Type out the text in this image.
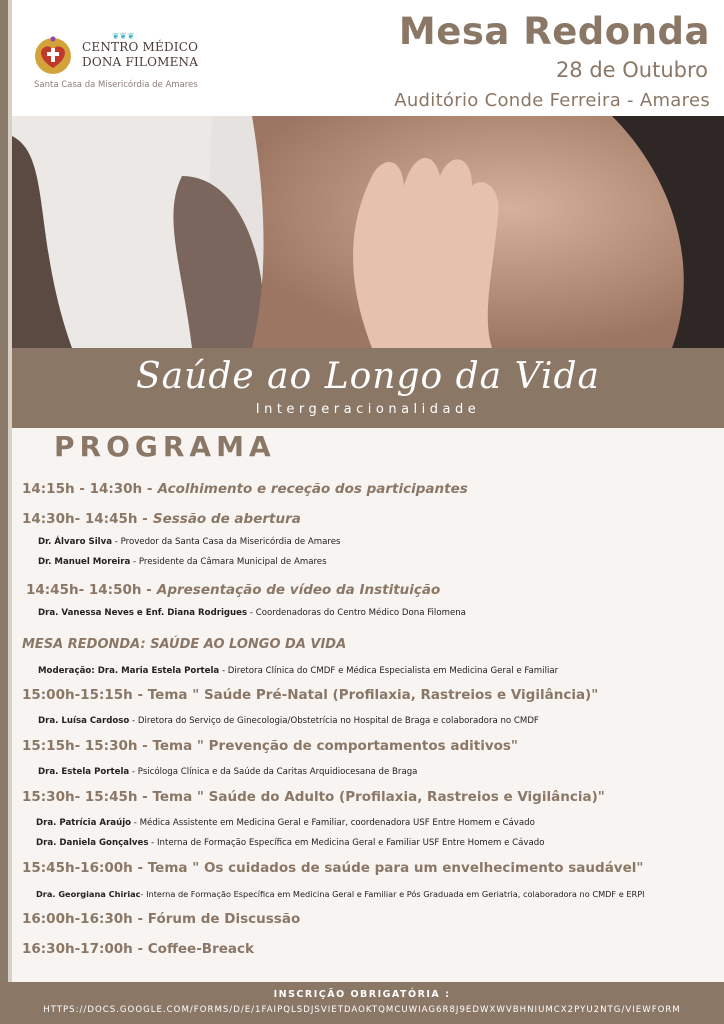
❦❦❦
CENTRO MÉDICO
DONA FILOMENA
Santa Casa da Misericórdia de Amares
Mesa Redonda
28 de Outubro
Auditório Conde Ferreira - Amares
Saúde ao Longo da Vida
Intergeracionalidade
PROGRAMA
14:15h - 14:30h - Acolhimento e receção dos participantes
14:30h- 14:45h - Sessão de abertura
Dr. Álvaro Silva - Provedor da Santa Casa da Misericórdia de Amares
Dr. Manuel Moreira - Presidente da Câmara Municipal de Amares
14:45h- 14:50h - Apresentação de vídeo da Instituição
Dra. Vanessa Neves e Enf. Diana Rodrigues - Coordenadoras do Centro Médico Dona Filomena
MESA REDONDA: SAÚDE AO LONGO DA VIDA
Moderação: Dra. Maria Estela Portela - Diretora Clínica do CMDF e Médica Especialista em Medicina Geral e Familiar
15:00h-15:15h - Tema " Saúde Pré-Natal (Profilaxia, Rastreios e Vigilância)"
Dra. Luísa Cardoso - Diretora do Serviço de Ginecologia/Obstetrícia no Hospital de Braga e colaboradora no CMDF
15:15h- 15:30h - Tema " Prevenção de comportamentos aditivos"
Dra. Estela Portela - Psicóloga Clínica e da Saúde da Caritas Arquidiocesana de Braga
15:30h- 15:45h - Tema " Saúde do Adulto (Profilaxia, Rastreios e Vigilância)"
Dra. Patrícia Araújo - Médica Assistente em Medicina Geral e Familiar, coordenadora USF Entre Homem e Cávado
Dra. Daniela Gonçalves - Interna de Formação Específica em Medicina Geral e Familiar USF Entre Homem e Cávado
15:45h-16:00h - Tema " Os cuidados de saúde para um envelhecimento saudável"
Dra. Georgiana Chiriac- Interna de Formação Específica em Medicina Geral e Familiar e Pós Graduada em Geriatria, colaboradora no CMDF e ERPI
16:00h-16:30h - Fórum de Discussão
16:30h-17:00h - Coffee-Breack
INSCRIÇÃO OBRIGATÓRIA :
HTTPS://DOCS.GOOGLE.COM/FORMS/D/E/1FAIPQLSDJSVIETDAOKTQMCUWIAG6R8J9EDWXWVBHNIUMCX2PYU2NTG/VIEWFORM
